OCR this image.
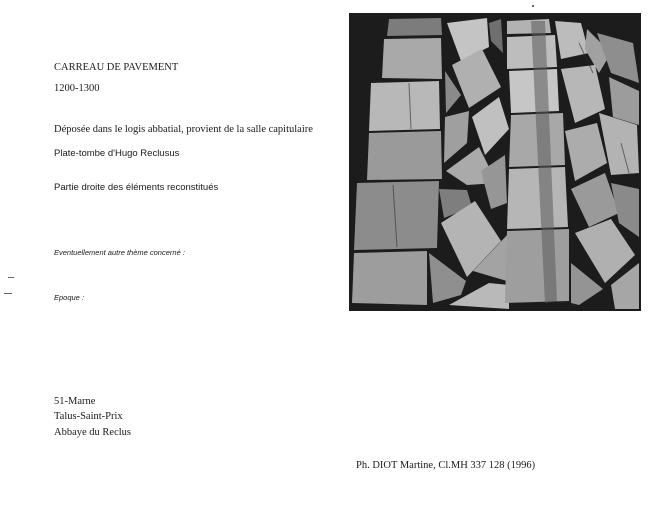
CARREAU DE PAVEMENT
1200-1300
Déposée dans le logis abbatial, provient de la salle capitulaire
Plate-tombe d'Hugo Reclusus
Partie droite des éléments reconstitués
Eventuellement autre thème concerné :
Epoque :
51-Marne
Talus-Saint-Prix
Abbaye du Reclus
Ph. DIOT Martine, Cl.MH 337 128 (1996)
